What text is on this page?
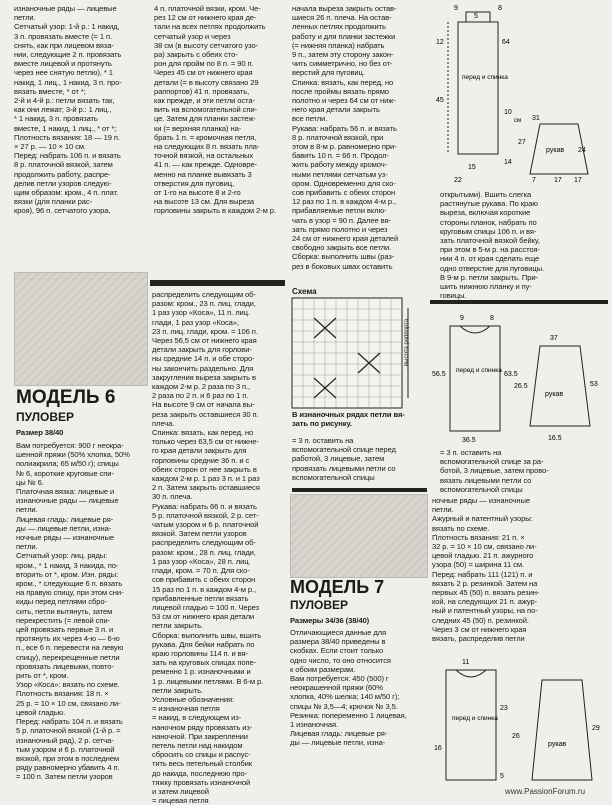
изнаночные ряды — лицевые
петли.
Сетчатый узор: 1-й р.: 1 накид,
3 п. провязать вместе (= 1 п.
снять, как при лицевом вяза-
нии, следующие 2 п. провязать
вместе лицевой и протянуть
через нее снятую петлю), * 1
накид, 1 лиц., 1 накид, 3 п. про-
вязать вместе, * от *;
2-й и 4-й р.: петли вязать так,
как они лежат; 3-й р.: 1 лиц.,
* 1 накид, 3 п. провязать
вместе, 1 накид, 1 лиц., * от *;
Плотность вязания: 18 — 19 п.
× 27 р. — 10 × 10 см.
Перед: набрать 106 п. и вязать
8 р. платочной вязкой, затем
продолжить работу, распре-
делив петли узоров следую-
щим образом: кром., 4 п. плат.
вязки (для планки рас-
кроя), 96 п. сетчатого узора,
4 п. платочной вязки, кром. Че-
рез 12 см от нижнего края де-
тали на всех петлях продолжить
сетчатый узор и через
38 см (в высоту сетчатого узо-
ра) закрыть с обеих сто-
рон для пройм по 8 п. = 90 п.
Через 45 см от нижнего края
детали (= в высоту связано 29
раппортов) 41 п. провязать,
как прежде, и эти петли оста-
вить на вспомогательной спи-
це. Затем для планки застеж-
ки (= верхняя планка) на-
брать 1 п. = кромочная петля,
на следующих 8 п. вязать пла-
точной вязкой, на остальных
41 п. — как прежде. Одновре-
менно на планке вывязать 3
отверстия для пуговиц,
от 1-го на высоте 8 и 2-го
на высоте 13 см. Для выреза
горловины закрыть в каждом 2-м р.
начала выреза закрыть остав-
шиеся 26 п. плеча. На остав-
ленных петлях продолжить
работу и для планки застежки
(= нижняя планка) набрать
9 п., затем эту сторону закон-
чить симметрично, но без от-
верстий для пуговиц.
Спинка: вязать, как перед, но
после проймы вязать прямо
полотно и через 64 см от ниж-
него края детали закрыть
все петли.
Рукава: набрать 56 п. и вязать
8 р. платочной вязкой, при
этом в 8-м р. равномерно при-
бавить 10 п. = 66 п. Продол-
жить работу между кромоч-
ными петлями сетчатым уз-
ором. Одновременно для ско-
сов прибавить с обеих сторон
12 раз по 1 п. в каждом 4-м р.,
прибавляемые петли вклю-
чать в узор = 90 п. Далее вя-
зать прямо полотно и через
24 см от нижнего края деталей
свободно закрыть все петли.
Сборка: выполнить швы (раз-
рез в боковых швах оставить
перед и спинка
рукав
12
45
27
15
10
5
17
64
9	8
22
24
31
7	17
14
см
открытыми). Вшить слегка
растянутые рукава. По краю
выреза, включая короткие
стороны планок, набрать по
круговым спицы 106 п. и вя-
зать платочной вязкой бейку,
при этом в 5-м р. на расстоя-
нии 4 п. от края сделать еще
одно отверстие для пуговицы.
В 9-м р. петли закрыть. При-
шить нижнюю планку и пу-
говицы.
МОДЕЛЬ 6
ПУЛОВЕР
Размер 38/40
Вам потребуется: 900 г неокра-
шенной пряжи (50% хлопка, 50%
полиакрила; 65 м/50 г); спицы
№ 6, короткие круговые спи-
цы № 6.
Платочная вязка: лицевые и
изнаночные ряды — лицевые
петли.
Лицевая гладь: лицевые ря-
ды — лицевые петли, изна-
ночные ряды — изнаночные
петли.
Сетчатый узор: лиц. ряды:
кром., * 1 накид, 3 накида, по-
вторить от *, кром. Изн. ряды:
кром., * следующие 6 п. вязать
на правую спицу, при этом сни-
киды перед петлями сбро-
сить, петли вытянуть, затем
перекрестить (= левой спи-
цей провязать первые 3 п. и
протянуть их через 4-ю — 6-ю
п., все 6 п. перевести на левую
спицу), перекрещенные петли
провязать лицевыми, повто-
рить от *, кром.
Узор «Коса»: вязать по схеме.
Плотность вязания: 18 п. ×
25 р. = 10 × 10 см, связано ли-
цевой гладью.
Перед: набрать 104 п. и вязать
5 р. платочной вязкой (1-й р. =
изнаночный ряд), 2 р. сетча-
тым узором и 6 р. платочной
вязкой, при этом в последнем
ряду равномерно убавить 4 п.
= 100 п. Затем петли узоров
распределить следующим об-
разом: кром., 23 п. лиц. глади,
1 раз узор «Коса», 11 п. лиц.
глади, 1 раз узор «Коса»,
23 п. лиц. глади, кром. = 106 п.
Через 56,5 см от нижнего края
детали закрыть для горлови-
ны средние 14 п. и обе сторо-
ны закончить раздельно. Для
закругления выреза закрыть в
каждом 2-м р. 2 раза по 3 п.,
2 раза по 2 п. и 6 раз по 1 п.
На высоте 9 см от начала вы-
реза закрыть оставшиеся 30 п.
плеча.
Спинка: вязать, как перед, но
только через 63,5 см от нижне-
го края детали закрыть для
горловины средние 36 п. и с
обеих сторон от нее закрыть в
каждом 2-м р. 1 раз 3 п. и 1 раз
2 п. Затем закрыть оставшиеся
30 п. плеча.
Рукава: набрать 66 п. и вязать
5 р. платочной вязкой, 2 р. сет-
чатым узором и 6 р. платочной
вязкой. Затем петли узоров
распределить следующим об-
разом: кром., 28 п. лиц. глади,
1 раз узор «Коса», 28 п. лиц.
глади, кром. = 70 п. Для ско-
сов прибавить с обеих сторон
15 раз по 1 п. в каждом 4-м р.,
прибавленные петли вязать
лицевой гладью = 100 п. Через
53 см от нижнего края детали
петли закрыть.
Сборка: выполнить швы, вшить
рукава. Для бейки набрать по
краю горловины 114 п. и вя-
зать на круговых спицах попе-
ременно 1 р. изнаночными и
1 р. лицевыми петлями. В 6-м р.
петли закрыть.
Условные обозначения:
= изнаночная петля
= накид, в следующем из-
наночном ряду провязать из-
наночной. При закреплении
петель петли над накидом
сбросить со спицы и распус-
тить весь петельный столбик
до накида, последнюю про-
тяжку провязать изнаночной
и затем лицевой
= лицевая петля
Схема
высота раппорта
В изнаночных рядах петли вя-
зать по рисунку.
перед и спинка
рукав
9	8
56.5	63.5
26.5
37
36.5
53
16.5
= 3 п. оставить на
вспомогательной спице перед
работой, 3 лицевые, затем
провязать лицевыми петли со
вспомогательной спицы
= 3 п. оставить на
вспомогательной спице за ра-
ботой, 3 лицевые, затем прово-
вязать лицевыми петли со
вспомогательной спицы
МОДЕЛЬ 7
ПУЛОВЕР
Размеры 34/36 (38/40)
Отличающиеся данные для
размера 38/40 приведены в
скобках. Если стоит только
одно число, то оно относится
к обоим размерам.
Вам потребуется: 450 (500) г
неокрашенной пряжи (60%
хлопка, 40% шелка; 140 м/50 г);
спицы № 3,5—4; крючок № 3,5.
Резинка: попеременно 1 лицевая,
1 изнаночная.
Лицевая гладь: лицевые ря-
ды — лицевые петли, изна-
ночные ряды — изнаночные
петли.
Ажурный и патентный узоры:
вязать по схеме.
Плотность вязания: 21 п. ×
32 р. = 10 × 10 см, связано ли-
цевой гладью. 21 п. ажурного
узора (50) = ширина 11 см.
Перед: набрать 111 (121) п. и
вязать 2 р. резинкой. Затем на
первых 45 (50) п. вязать резин-
кой, на следующих 21 п. ажур-
ный и патентный узоры, на по-
следних 45 (50) п. резинкой.
Через 3 см от нижнего края
вязать, распределив петли
перед и спинка
рукав
11
23
26
16
29
5
www.PassionForum.ru
